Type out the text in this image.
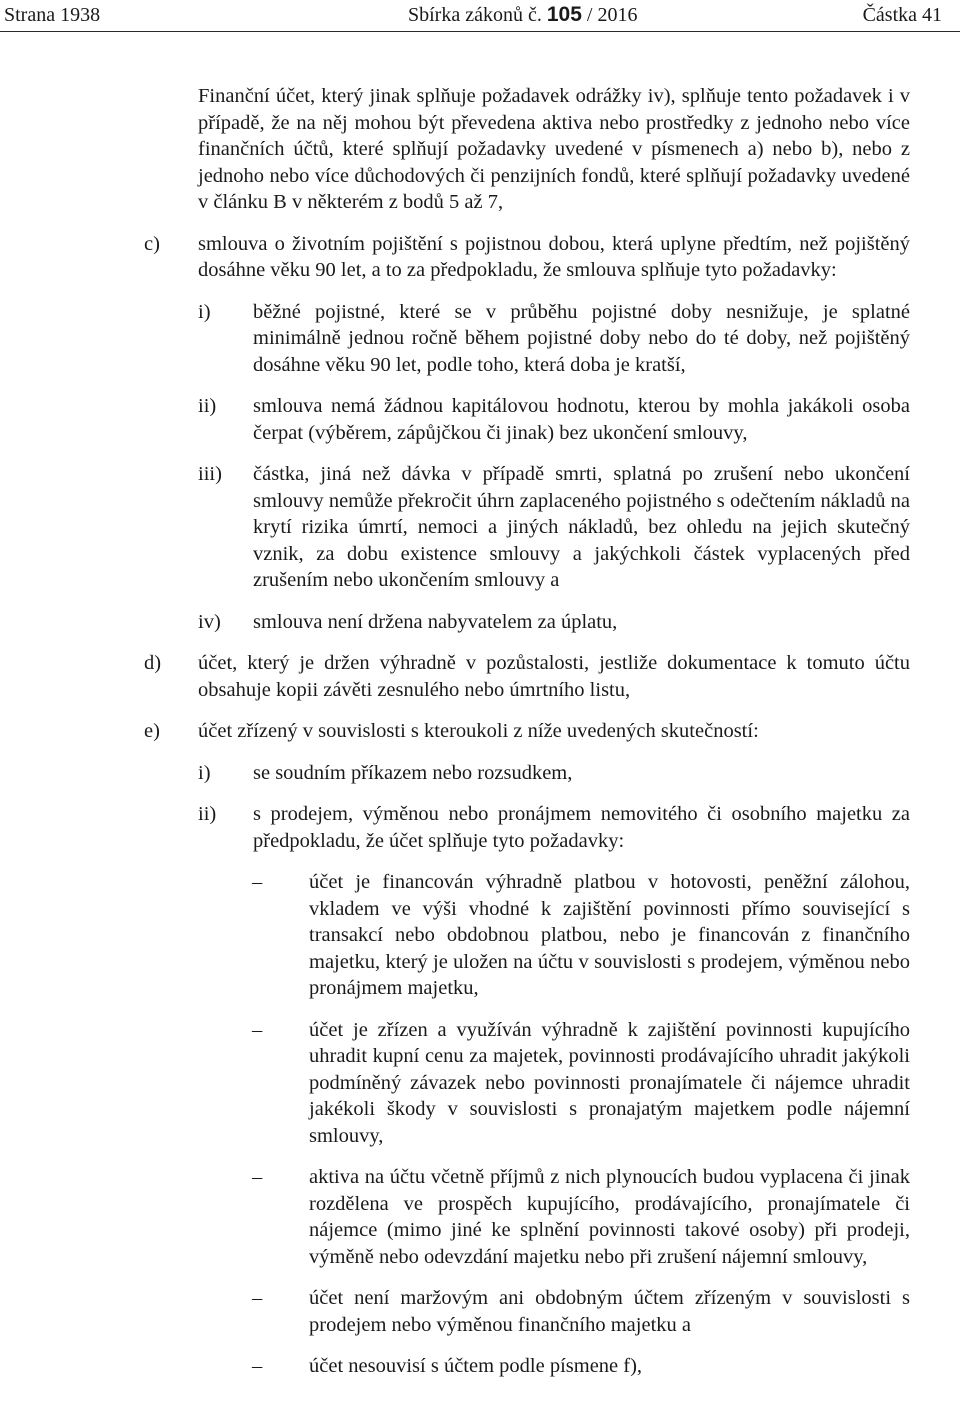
Strana 1938	Sbírka zákonů č. 105 / 2016	Částka 41
Finanční účet, který jinak splňuje požadavek odrážky iv), splňuje tento požadavek i v případě, že na něj mohou být převedena aktiva nebo prostředky z jednoho nebo více finančních účtů, které splňují požadavky uvedené v písmenech a) nebo b), nebo z jednoho nebo více důchodových či penzijních fondů, které splňují požadavky uvedené v článku B v některém z bodů 5 až 7,
c) smlouva o životním pojištění s pojistnou dobou, která uplyne předtím, než pojištěný dosáhne věku 90 let, a to za předpokladu, že smlouva splňuje tyto požadavky:
i) běžné pojistné, které se v průběhu pojistné doby nesnižuje, je splatné minimálně jednou ročně během pojistné doby nebo do té doby, než pojištěný dosáhne věku 90 let, podle toho, která doba je kratší,
ii) smlouva nemá žádnou kapitálovou hodnotu, kterou by mohla jakákoli osoba čerpat (výběrem, zápůjčkou či jinak) bez ukončení smlouvy,
iii) částka, jiná než dávka v případě smrti, splatná po zrušení nebo ukončení smlouvy nemůže překročit úhrn zaplaceného pojistného s odečtením nákladů na krytí rizika úmrtí, nemoci a jiných nákladů, bez ohledu na jejich skutečný vznik, za dobu existence smlouvy a jakýchkoli částek vyplacených před zrušením nebo ukončením smlouvy a
iv) smlouva není držena nabyvatelem za úplatu,
d) účet, který je držen výhradně v pozůstalosti, jestliže dokumentace k tomuto účtu obsahuje kopii závěti zesnulého nebo úmrtního listu,
e) účet zřízený v souvislosti s kteroukoli z níže uvedených skutečností:
i) se soudním příkazem nebo rozsudkem,
ii) s prodejem, výměnou nebo pronájmem nemovitého či osobního majetku za předpokladu, že účet splňuje tyto požadavky:
– účet je financován výhradně platbou v hotovosti, peněžní zálohou, vkladem ve výši vhodné k zajištění povinnosti přímo související s transakcí nebo obdobnou platbou, nebo je financován z finančního majetku, který je uložen na účtu v souvislosti s prodejem, výměnou nebo pronájmem majetku,
– účet je zřízen a využíván výhradně k zajištění povinnosti kupujícího uhradit kupní cenu za majetek, povinnosti prodávajícího uhradit jakýkoli podmíněný závazek nebo povinnosti pronajímatele či nájemce uhradit jakékoli škody v souvislosti s pronajatým majetkem podle nájemní smlouvy,
– aktiva na účtu včetně příjmů z nich plynoucích budou vyplacena či jinak rozdělena ve prospěch kupujícího, prodávajícího, pronajímatele či nájemce (mimo jiné ke splnění povinnosti takové osoby) při prodeji, výměně nebo odevzdání majetku nebo při zrušení nájemní smlouvy,
– účet není maržovým ani obdobným účtem zřízeným v souvislosti s prodejem nebo výměnou finančního majetku a
– účet nesouvisí s účtem podle písmene f),
